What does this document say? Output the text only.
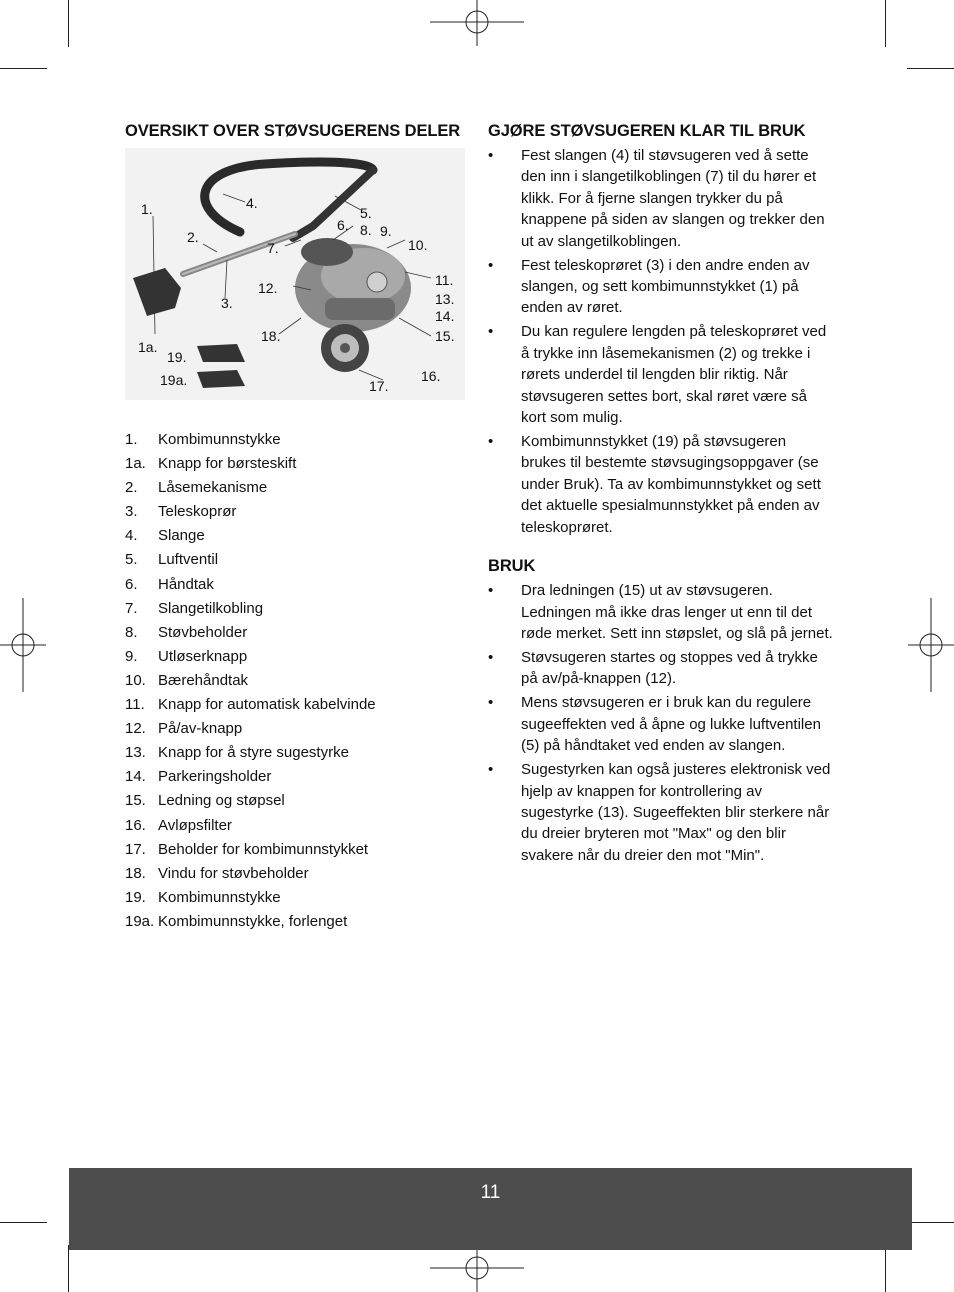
OVERSIKT OVER STØVSUGERENS DELER
1.
1a.
2.
3.
4.
5.
6.
7.
8. 9.
10.
11.
12.
13.
14.
15.
16.
17.
18.
19.
19a.
1.	Kombimunnstykke
1a. Knapp for børsteskift
2.	Låsemekanisme
3.	Teleskoprør
4.	Slange
5.	Luftventil
6.	Håndtak
7.	Slangetilkobling
8.	Støvbeholder
9.	Utløserknapp
10. Bærehåndtak
11. Knapp for automatisk kabelvinde
12. På/av-knapp
13. Knapp for å styre sugestyrke
14. Parkeringsholder
15. Ledning og støpsel
16. Avløpsfilter
17. Beholder for kombimunnstykket
18. Vindu for støvbeholder
19. Kombimunnstykke
19a. Kombimunnstykke, forlenget
GJØRE STØVSUGEREN KLAR TIL BRUK
•	Fest slangen (4) til støvsugeren ved å sette den inn i slangetilkoblingen (7) til du hører et klikk. For å fjerne slangen trykker du på knappene på siden av slangen og trekker den ut av slangetilkoblingen.
•	Fest teleskoprøret (3) i den andre enden av slangen, og sett kombimunnstykket (1) på enden av røret.
•	Du kan regulere lengden på teleskoprøret ved å trykke inn låsemekanismen (2) og trekke i rørets underdel til lengden blir riktig. Når støvsugeren settes bort, skal røret være så kort som mulig.
•	Kombimunnstykket (19) på støvsugeren brukes til bestemte støvsugingsoppgaver (se under Bruk). Ta av kombimunnstykket og sett det aktuelle spesialmunnstykket på enden av teleskoprøret.
BRUK
•	Dra ledningen (15) ut av støvsugeren. Ledningen må ikke dras lenger ut enn til det røde merket. Sett inn støpslet, og slå på jernet.
•	Støvsugeren startes og stoppes ved å trykke på av/på-knappen (12).
•	Mens støvsugeren er i bruk kan du regulere sugeeffekten ved å åpne og lukke luftventilen (5) på håndtaket ved enden av slangen.
•	Sugestyrken kan også justeres elektronisk ved hjelp av knappen for kontrollering av sugestyrke (13). Sugeeffekten blir sterkere når du dreier bryteren mot "Max" og den blir svakere når du dreier den mot "Min".
11
